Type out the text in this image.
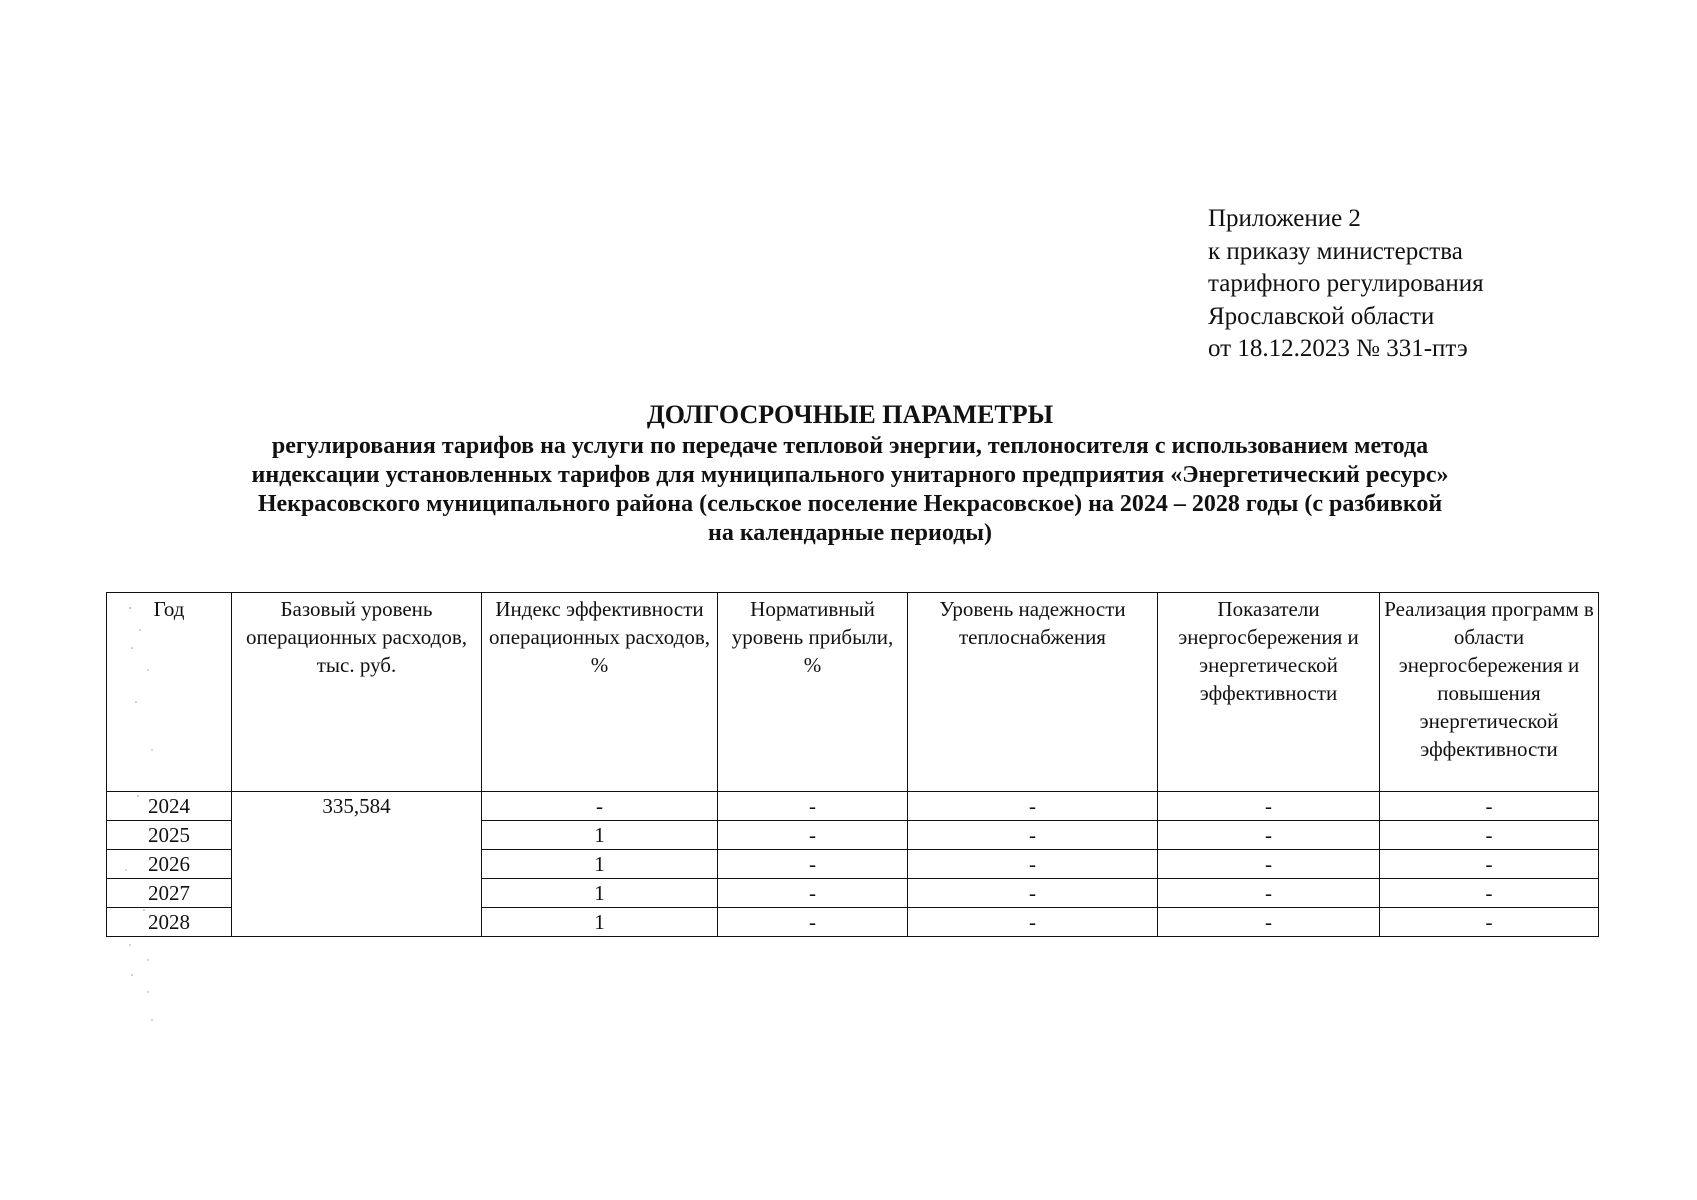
Приложение 2
к приказу министерства
тарифного регулирования
Ярославской области
от 18.12.2023 № 331-птэ
ДОЛГОСРОЧНЫЕ ПАРАМЕТРЫ
регулирования тарифов на услуги по передаче тепловой энергии, теплоносителя с использованием метода
индексации установленных тарифов для муниципального унитарного предприятия «Энергетический ресурс»
Некрасовского муниципального района (сельское поселение Некрасовское) на 2024 – 2028 годы (с разбивкой
на календарные периоды)
Год	Базовый уровень операционных расходов, тыс. руб.	Индекс эффективности операционных расходов, %	Нормативный уровень прибыли, %	Уровень надежности теплоснабжения	Показатели энергосбережения и энергетической эффективности	Реализация программ в области энергосбережения и повышения энергетической эффективности
2024	335,584	-	-	-	-	-
2025		1	-	-	-	-
2026		1	-	-	-	-
2027		1	-	-	-	-
2028		1	-	-	-	-
